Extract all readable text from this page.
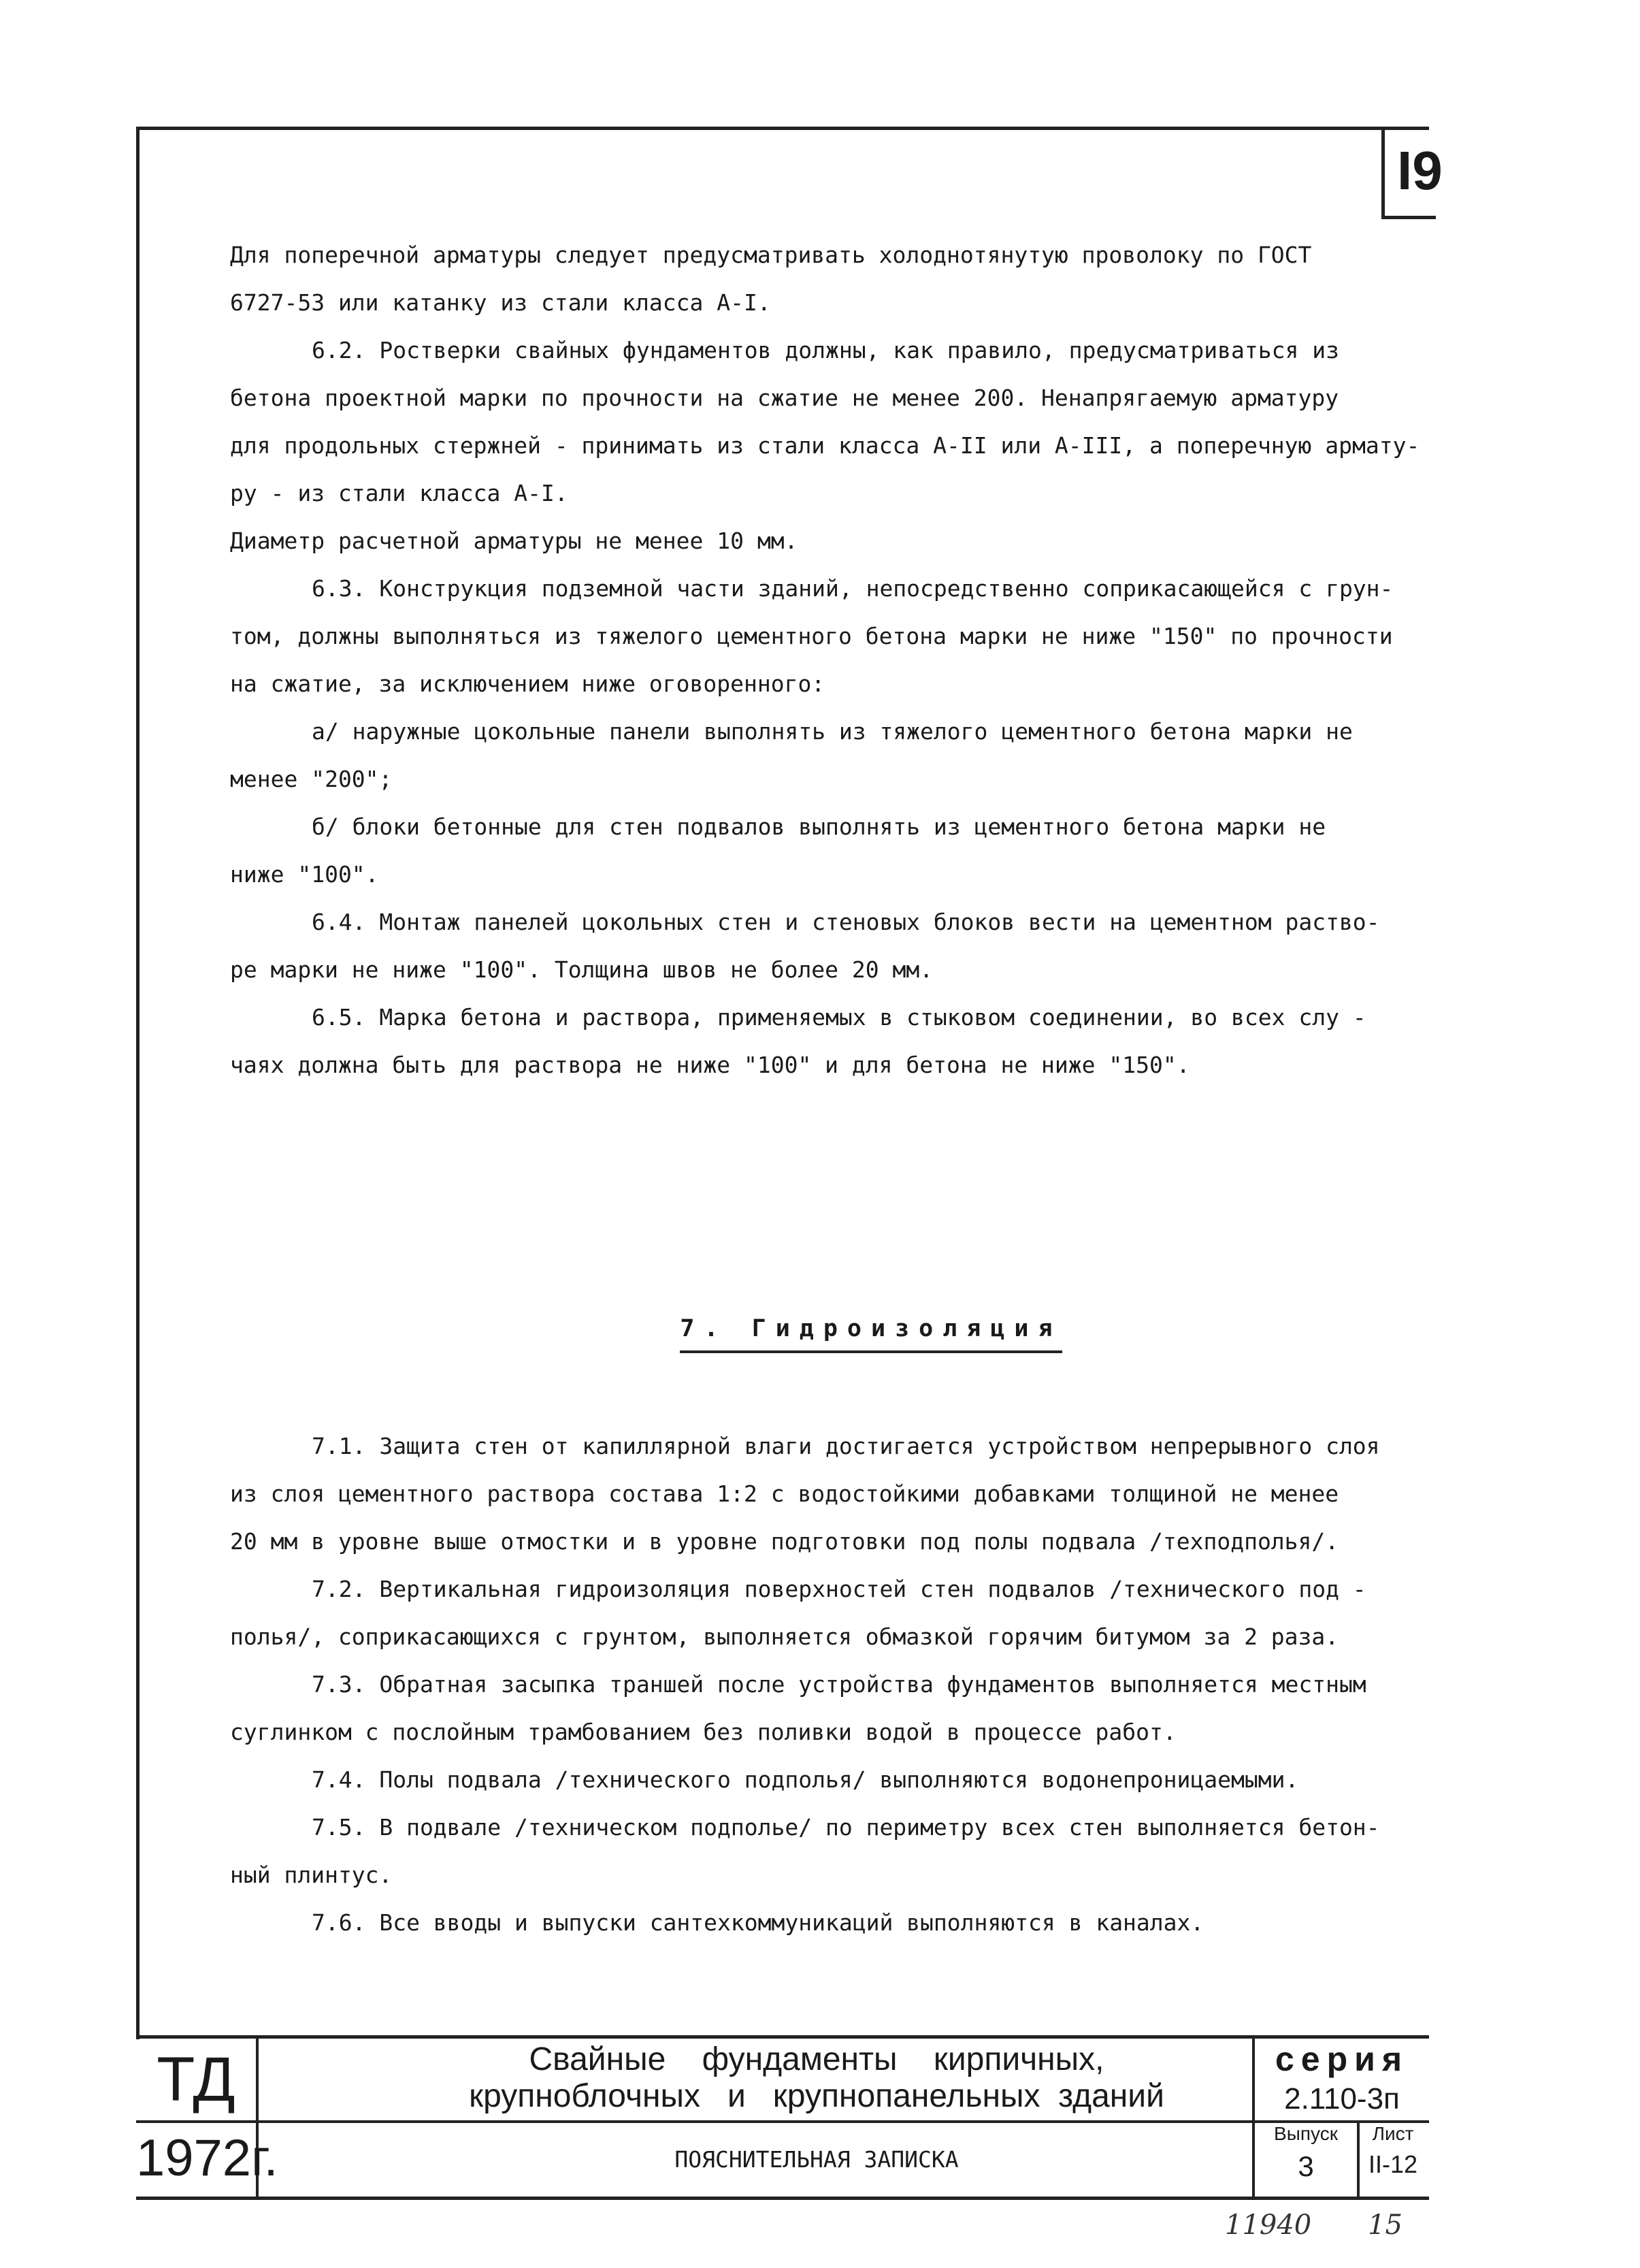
I9
Для поперечной арматуры следует предусматривать холоднотянутую проволоку по ГОСТ
6727-53 или катанку из стали класса А-I.
6.2. Ростверки свайных фундаментов должны, как правило, предусматриваться из
бетона проектной марки по прочности на сжатие не менее 200. Ненапрягаемую арматуру
для продольных стержней - принимать из стали класса А-II или А-III, а поперечную армату-
ру - из стали класса А-I.
Диаметр расчетной арматуры не менее 10 мм.
6.3. Конструкция подземной части зданий, непосредственно соприкасающейся с грун-
том, должны выполняться из тяжелого цементного бетона марки не ниже "150" по прочности
на сжатие, за исключением ниже оговоренного:
а/ наружные цокольные панели выполнять из тяжелого цементного бетона марки не
менее "200";
б/ блоки бетонные для стен подвалов выполнять из цементного бетона марки не
ниже "100".
6.4. Монтаж панелей цокольных стен и стеновых блоков вести на цементном раство-
ре марки не ниже "100". Толщина швов не более 20 мм.
6.5. Марка бетона и раствора, применяемых в стыковом соединении, во всех слу -
чаях должна быть для раствора не ниже "100" и для бетона не ниже "150".
7. Гидроизоляция
7.1. Защита стен от капиллярной влаги достигается устройством непрерывного слоя
из слоя цементного раствора состава 1:2 с водостойкими добавками толщиной не менее
20 мм в уровне выше отмостки и в уровне подготовки под полы подвала /техподполья/.
7.2. Вертикальная гидроизоляция поверхностей стен подвалов /технического под -
полья/, соприкасающихся с грунтом, выполняется обмазкой горячим битумом за 2 раза.
7.3. Обратная засыпка траншей после устройства фундаментов выполняется местным
суглинком с послойным трамбованием без поливки водой в процессе работ.
7.4. Полы подвала /технического подполья/ выполняются водонепроницаемыми.
7.5. В подвале /техническом подполье/ по периметру всех стен выполняется бетон-
ный плинтус.
7.6. Все вводы и выпуски сантехкоммуникаций выполняются в каналах.
ТД
1972г.
Свайные    фундаменты    кирпичных,
крупноблочных   и   крупнопанельных  зданий
ПОЯСНИТЕЛЬНАЯ ЗАПИСКА
серия
2.110-3п
Выпуск	Лист
3	II-12
11940 15
